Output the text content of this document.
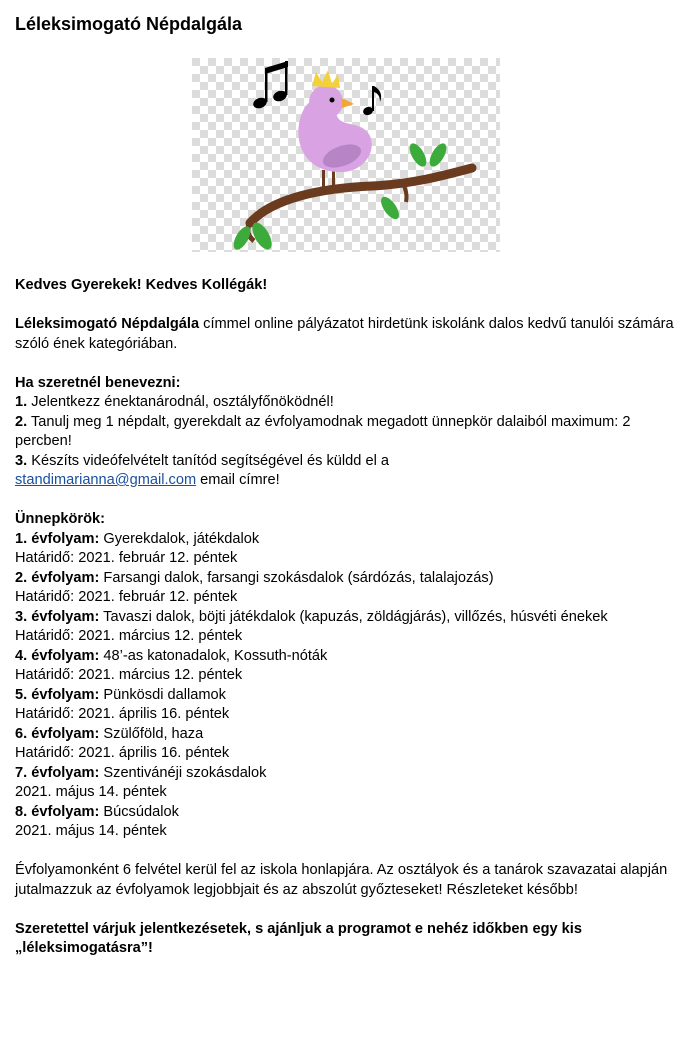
Léleksimogató Népdalgála

Kedves Gyerekek! Kedves Kollégák!

Léleksimogató Népdalgála címmel online pályázatot hirdetünk iskolánk dalos kedvű tanulói számára szóló ének kategóriában.

Ha szeretnél benevezni:

1. Jelentkezz énektanárodnál, osztályfőnöködnél!

2. Tanulj meg 1 népdalt, gyerekdalt az évfolyamodnak megadott ünnepkör dalaiból maximum: 2 percben!

3. Készíts videófelvételt tanítód segítségével és küldd el a
standimarianna@gmail.com email címre!

Ünnepkörök:

1. évfolyam: Gyerekdalok, játékdalok

Határidő: 2021. február 12. péntek

2. évfolyam: Farsangi dalok, farsangi szokásdalok (sárdózás, talalajozás)

Határidő: 2021. február 12. péntek

3. évfolyam: Tavaszi dalok, böjti játékdalok (kapuzás, zöldágjárás), villőzés, húsvéti énekek

Határidő: 2021. március 12. péntek

4. évfolyam: 48’-as katonadalok, Kossuth-nóták

Határidő: 2021. március 12. péntek

5. évfolyam: Pünkösdi dallamok

Határidő: 2021. április 16. péntek

6. évfolyam: Szülőföld, haza

Határidő: 2021. április 16. péntek

7. évfolyam: Szentivánéji szokásdalok

2021. május 14. péntek

8. évfolyam: Búcsúdalok

2021. május 14. péntek

Évfolyamonként 6 felvétel kerül fel az iskola honlapjára. Az osztályok és a tanárok szavazatai alapján jutalmazzuk az évfolyamok legjobbjait és az abszolút győzteseket! Részleteket később!

Szeretettel várjuk jelentkezésetek, s ajánljuk a programot e nehéz időkben egy kis „léleksimogatásra”!
